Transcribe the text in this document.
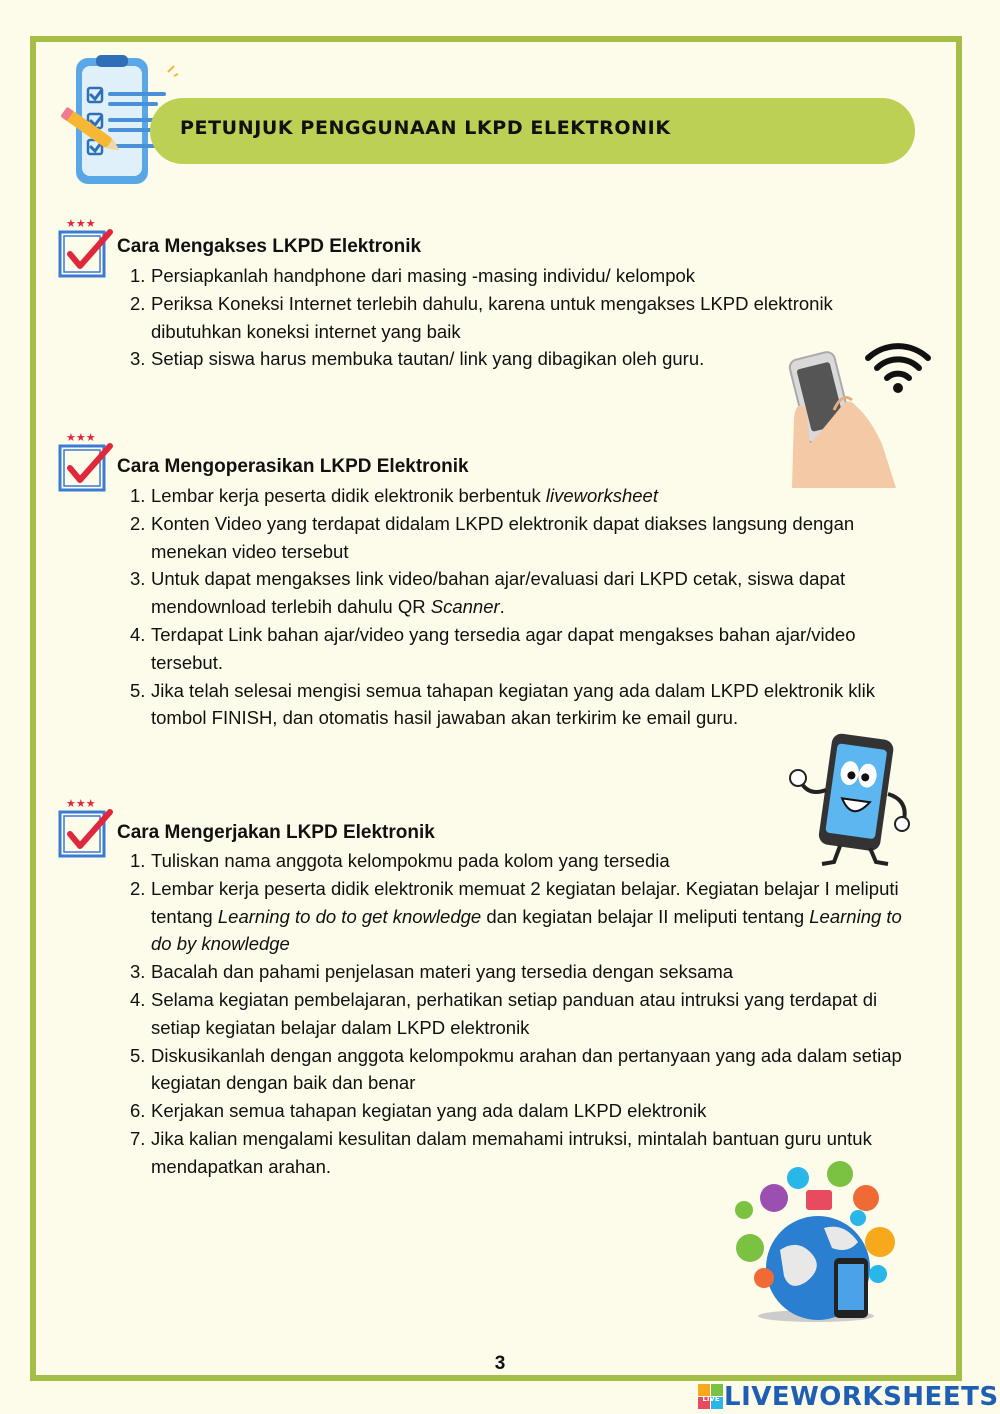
PETUNJUK PENGGUNAAN LKPD ELEKTRONIK
★★★
Cara Mengakses LKPD Elektronik
1. Persiapkanlah handphone dari masing -masing individu/ kelompok
2. Periksa Koneksi Internet terlebih dahulu, karena untuk mengakses LKPD elektronik dibutuhkan koneksi internet yang baik
3. Setiap siswa harus membuka tautan/ link yang dibagikan oleh guru.
★★★
Cara Mengoperasikan LKPD Elektronik
1. Lembar kerja peserta didik elektronik berbentuk liveworksheet
2. Konten Video yang terdapat didalam LKPD elektronik dapat diakses langsung dengan menekan video tersebut
3. Untuk dapat mengakses link video/bahan ajar/evaluasi dari LKPD cetak, siswa dapat mendownload terlebih dahulu QR Scanner.
4. Terdapat Link bahan ajar/video yang tersedia agar dapat mengakses bahan ajar/video tersebut.
5. Jika telah selesai mengisi semua tahapan kegiatan yang ada dalam LKPD elektronik klik tombol FINISH, dan otomatis hasil jawaban akan terkirim ke email guru.
★★★
Cara Mengerjakan LKPD Elektronik
1. Tuliskan nama anggota kelompokmu pada kolom yang tersedia
2. Lembar kerja peserta didik elektronik memuat 2 kegiatan belajar. Kegiatan belajar I meliputi tentang Learning to do to get knowledge dan kegiatan belajar II meliputi tentang Learning to do by knowledge
3. Bacalah dan pahami penjelasan materi yang tersedia dengan seksama
4. Selama kegiatan pembelajaran, perhatikan setiap panduan atau intruksi yang terdapat di setiap kegiatan belajar dalam LKPD elektronik
5. Diskusikanlah dengan anggota kelompokmu arahan dan pertanyaan yang ada dalam setiap kegiatan dengan baik dan benar
6. Kerjakan semua tahapan kegiatan yang ada dalam LKPD elektronik
7. Jika kalian mengalami kesulitan dalam memahami intruksi, mintalah bantuan guru untuk mendapatkan arahan.
3
LIVE LIVEWORKSHEETS
